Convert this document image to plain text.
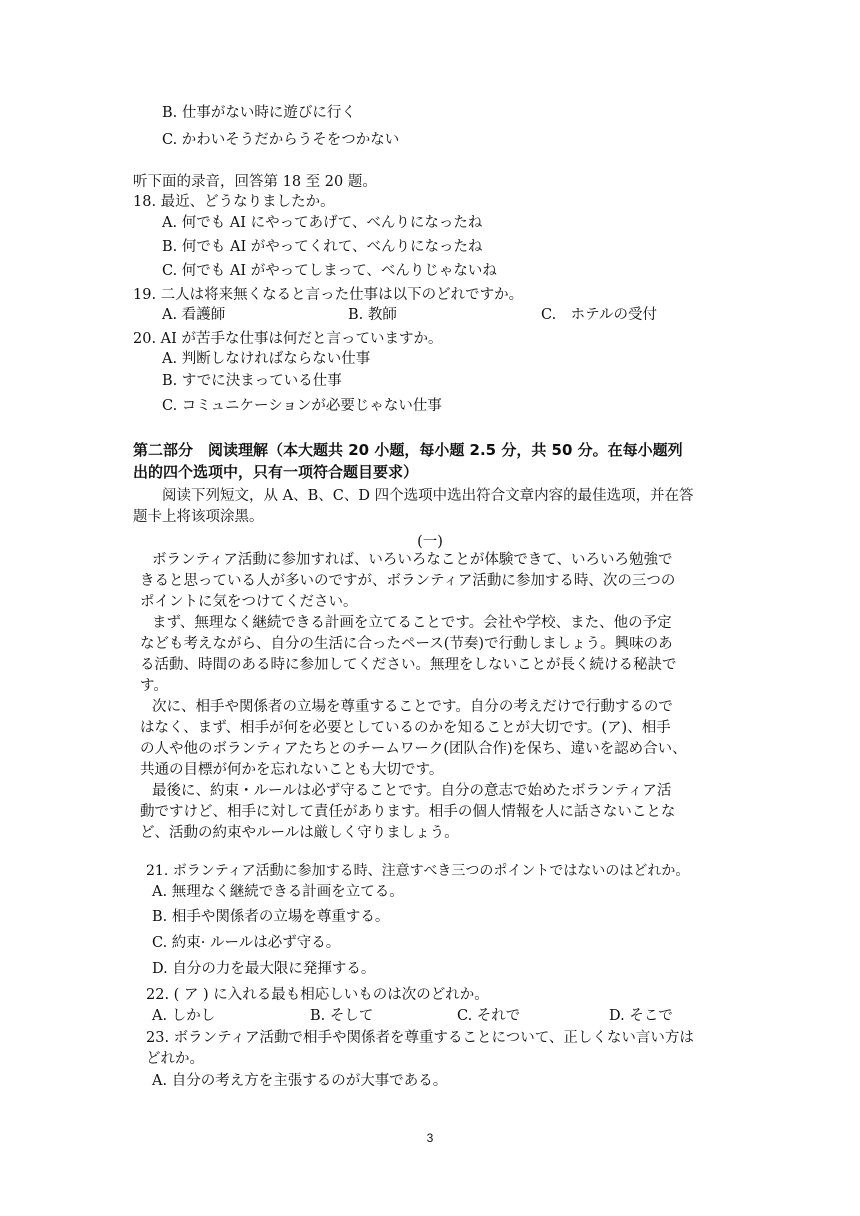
B. 仕事がない時に遊びに行く
C. かわいそうだからうそをつかない
听下面的录音，回答第 18 至 20 题。
18. 最近、どうなりましたか。
A. 何でも AI にやってあげて、べんりになったね
B. 何でも AI がやってくれて、べんりになったね
C. 何でも AI がやってしまって、べんりじゃないね
19. 二人は将来無くなると言った仕事は以下のどれですか。
A. 看護師	B. 教師	C.　ホテルの受付
20. AI が苦手な仕事は何だと言っていますか。
A. 判断しなければならない仕事
B. すでに決まっている仕事
C. コミュニケーションが必要じゃない仕事
第二部分　阅读理解（本大题共 20 小题，每小题 2.5 分，共 50 分。在每小题列
出的四个选项中，只有一项符合题目要求）
阅读下列短文，从 A、B、C、D 四个选项中选出符合文章内容的最佳选项，并在答
题卡上将该项涂黑。
(一)
ボランティア活動に参加すれば、いろいろなことが体験できて、いろいろ勉強で
きると思っている人が多いのですが、ボランティア活動に参加する時、次の三つの
ポイントに気をつけてください。
まず、無理なく継続できる計画を立てることです。会社や学校、また、他の予定
なども考えながら、自分の生活に合ったペース(节奏)で行動しましょう。興味のあ
る活動、時間のある時に参加してください。無理をしないことが長く続ける秘訣で
す。
次に、相手や関係者の立場を尊重することです。自分の考えだけで行動するので
はなく、まず、相手が何を必要としているのかを知ることが大切です。(ア)、相手
の人や他のボランティアたちとのチームワーク(团队合作)を保ち、違いを認め合い、
共通の目標が何かを忘れないことも大切です。
最後に、約束・ルールは必ず守ることです。自分の意志で始めたボランティア活
動ですけど、相手に対して責任があります。相手の個人情報を人に話さないことな
ど、活動の約束やルールは厳しく守りましょう。
21. ボランティア活動に参加する時、注意すべき三つのポイントではないのはどれか。
A. 無理なく継続できる計画を立てる。
B. 相手や関係者の立場を尊重する。
C. 約束· ルールは必ず守る。
D. 自分の力を最大限に発揮する。
22. ( ア ) に入れる最も相応しいものは次のどれか。
A. しかし	B. そして	C. それで	D. そこで
23. ボランティア活動で相手や関係者を尊重することについて、正しくない言い方は
どれか。
A. 自分の考え方を主張するのが大事である。
3
